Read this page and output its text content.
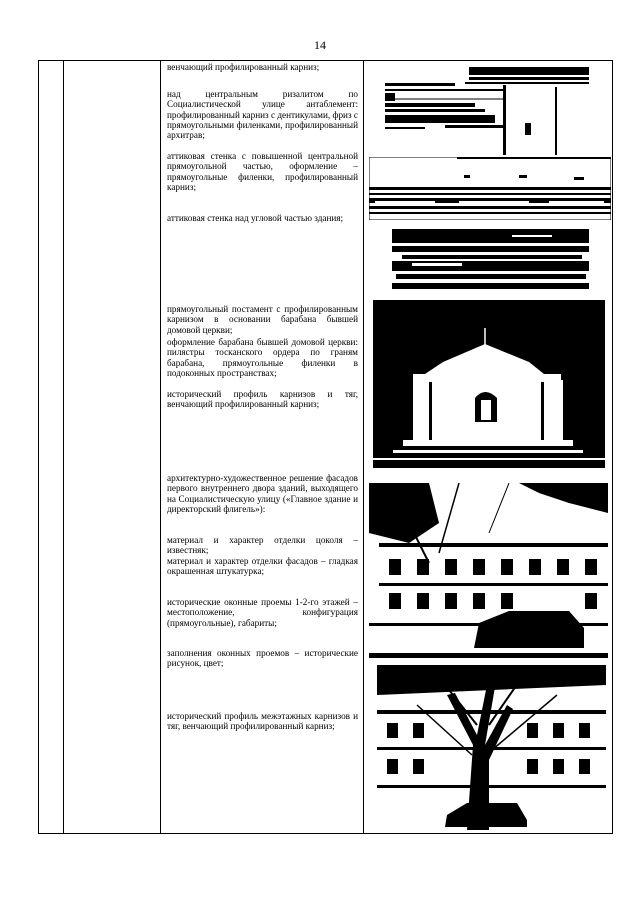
14
венчающий профилированный карниз;
над центральным ризалитом по Социалистической улице антаблемент: профилированный карниз с дентикулами, фриз с прямоугольными филенками, профилированный архитрав;
аттиковая стенка с повышенной центральной прямоугольной частью, оформление – прямоугольные филенки, профилированный карниз;
аттиковая стенка над угловой частью здания;
прямоугольный постамент с профилированным карнизом в основании барабана бывшей домовой церкви;
оформление барабана бывшей домовой церкви: пилястры тосканского ордера по граням барабана, прямоугольные филенки в подоконных пространствах;
исторический профиль карнизов и тяг, венчающий профилированный карниз;
архитектурно-художественное решение фасадов первого внутреннего двора зданий, выходящего на Социалистическую улицу («Главное здание и директорский флигель»):
материал и характер отделки цоколя – известняк;
материал и характер отделки фасадов – гладкая окрашенная штукатурка;
исторические оконные проемы 1-2-го этажей – местоположение, конфигурация (прямоугольные), габариты;
заполнения оконных проемов – исторические рисунок, цвет;
исторический профиль межэтажных карнизов и тяг, венчающий профилированный карниз;
